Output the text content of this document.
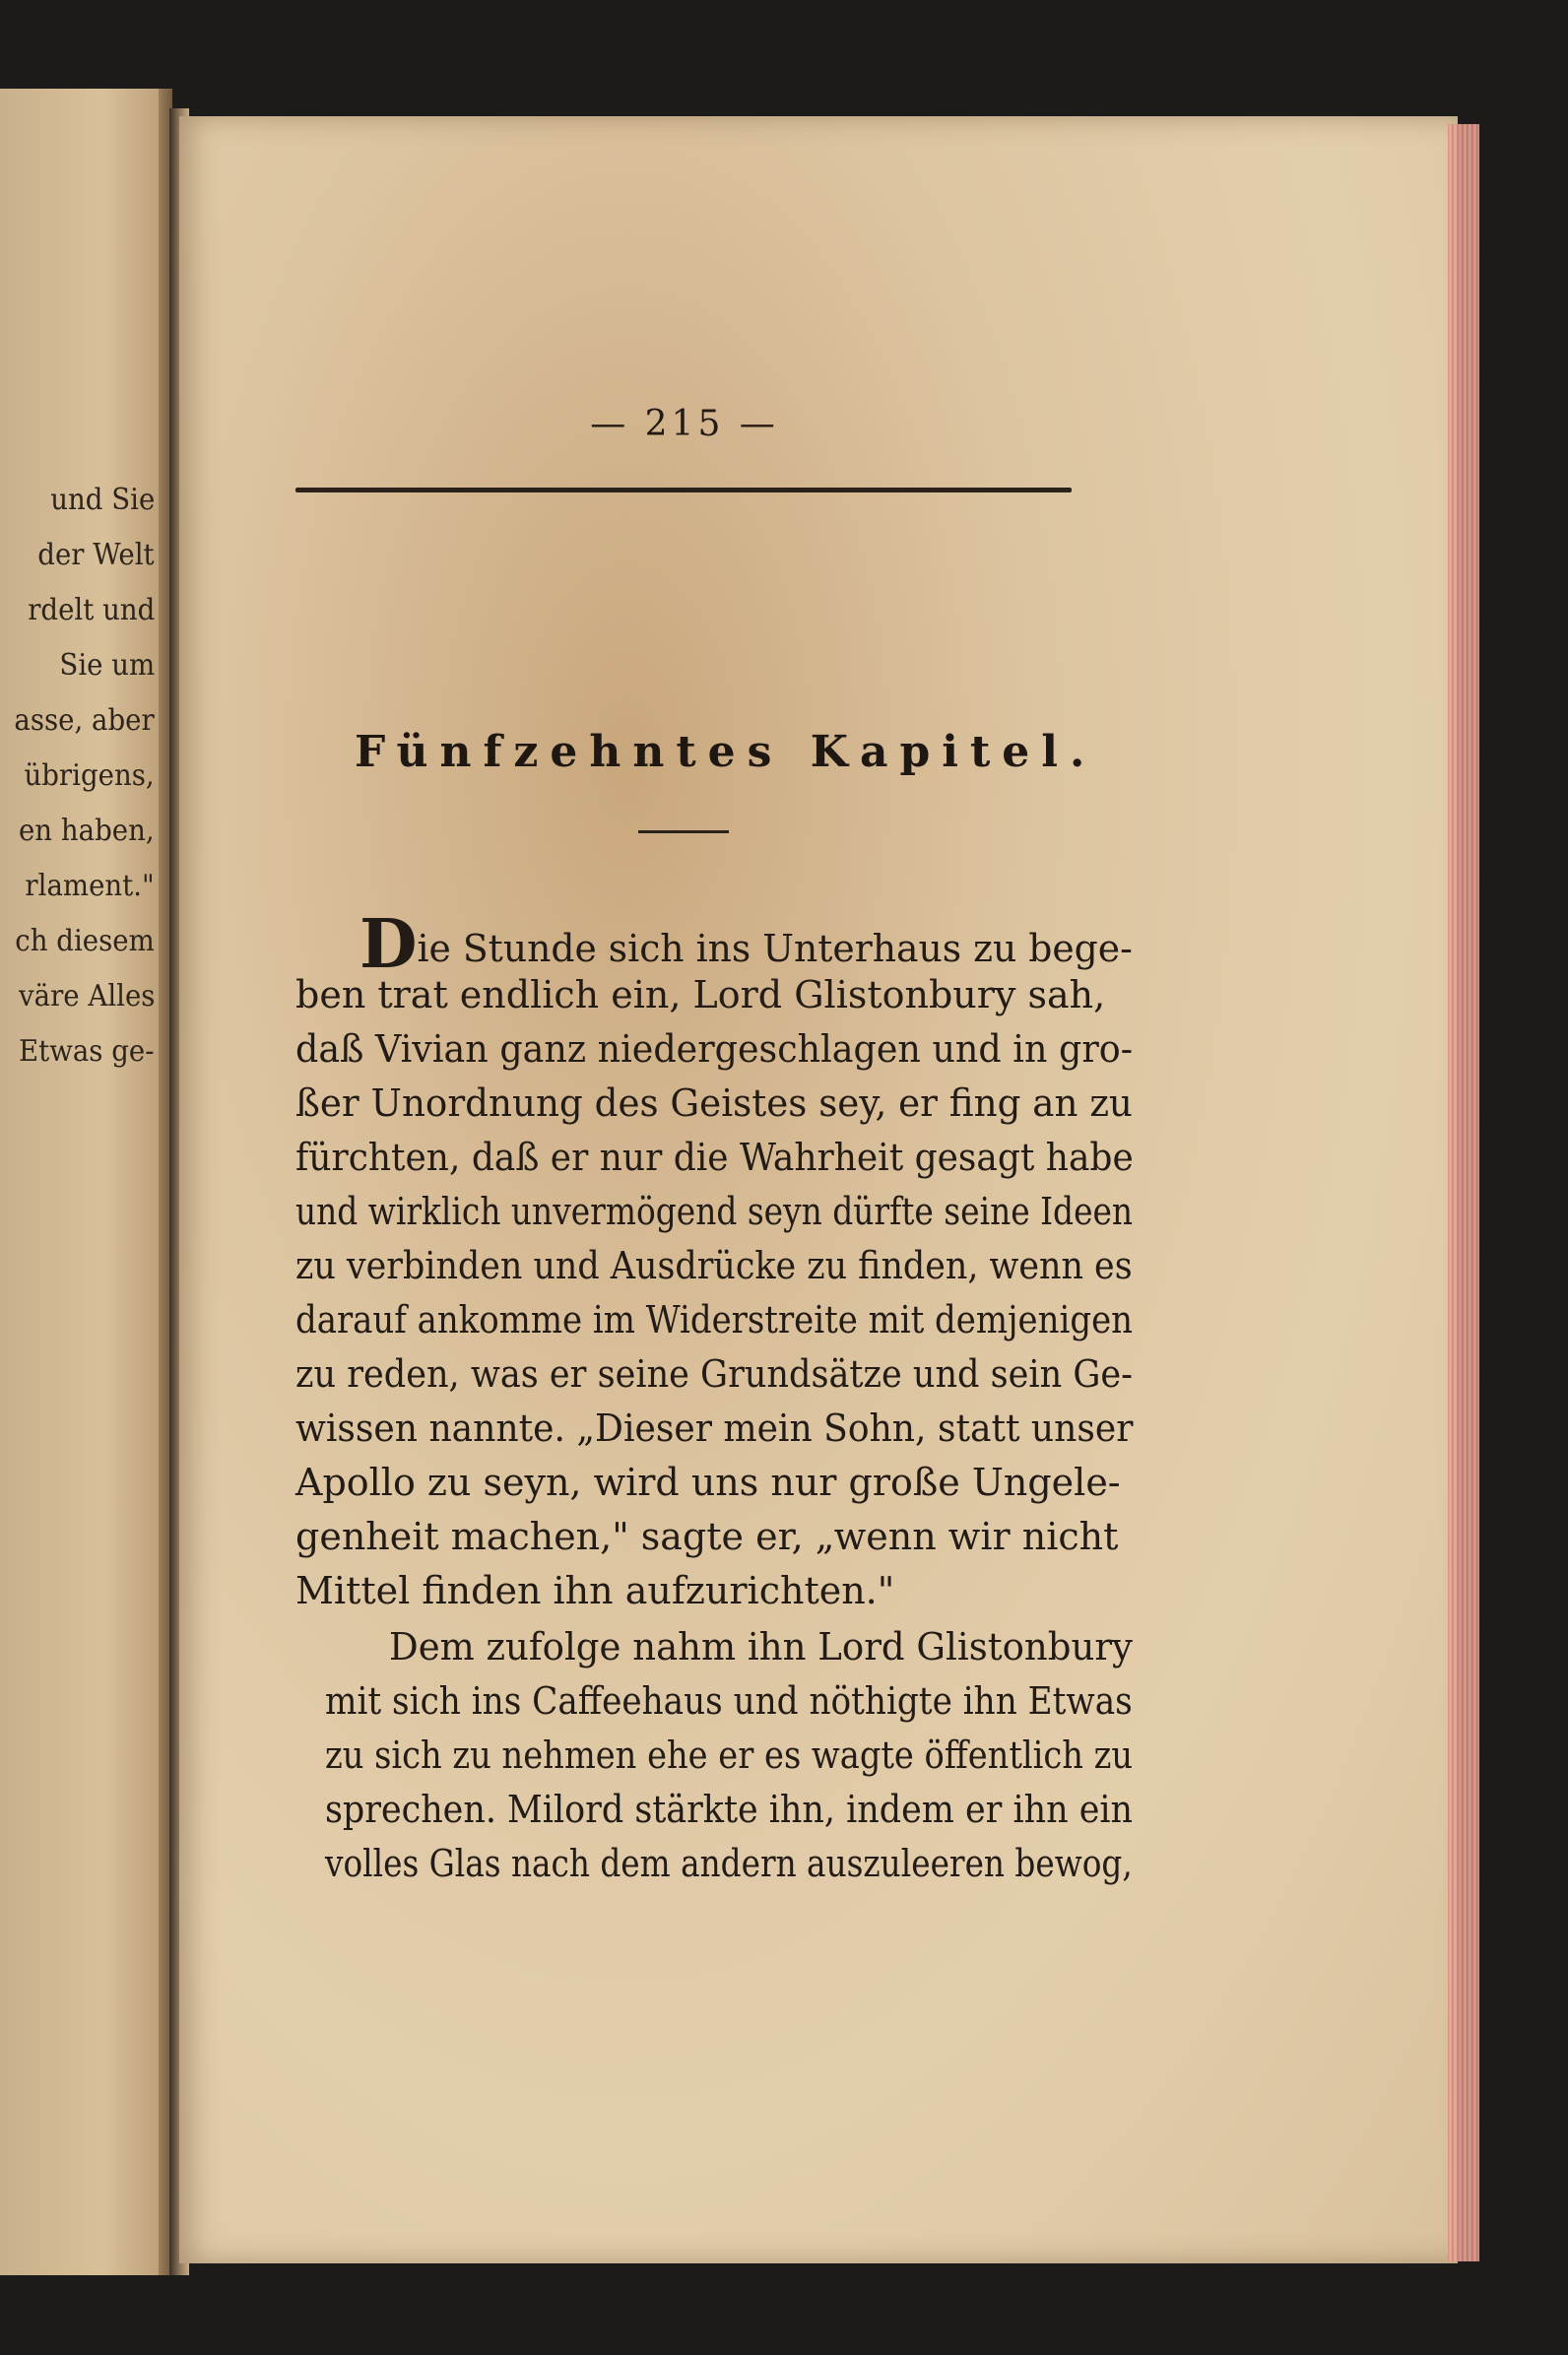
und Sie
der Welt
rdelt und
Sie um
asse, aber
übrigens,
en haben,
rlament."
ch diesem
väre Alles
Etwas ge-
— 215 —
Fünfzehntes Kapitel.
Die Stunde sich ins Unterhaus zu bege-
ben trat endlich ein, Lord Glistonbury sah,
daß Vivian ganz niedergeschlagen und in gro-
ßer Unordnung des Geistes sey, er fing an zu
fürchten, daß er nur die Wahrheit gesagt habe
und wirklich unvermögend seyn dürfte seine Ideen
zu verbinden und Ausdrücke zu finden, wenn es
darauf ankomme im Widerstreite mit demjenigen
zu reden, was er seine Grundsätze und sein Ge-
wissen nannte. „Dieser mein Sohn, statt unser
Apollo zu seyn, wird uns nur große Ungele-
genheit machen," sagte er, „wenn wir nicht
Mittel finden ihn aufzurichten."
Dem zufolge nahm ihn Lord Glistonbury
mit sich ins Caffeehaus und nöthigte ihn Etwas
zu sich zu nehmen ehe er es wagte öffentlich zu
sprechen. Milord stärkte ihn, indem er ihn ein
volles Glas nach dem andern auszuleeren bewog,
